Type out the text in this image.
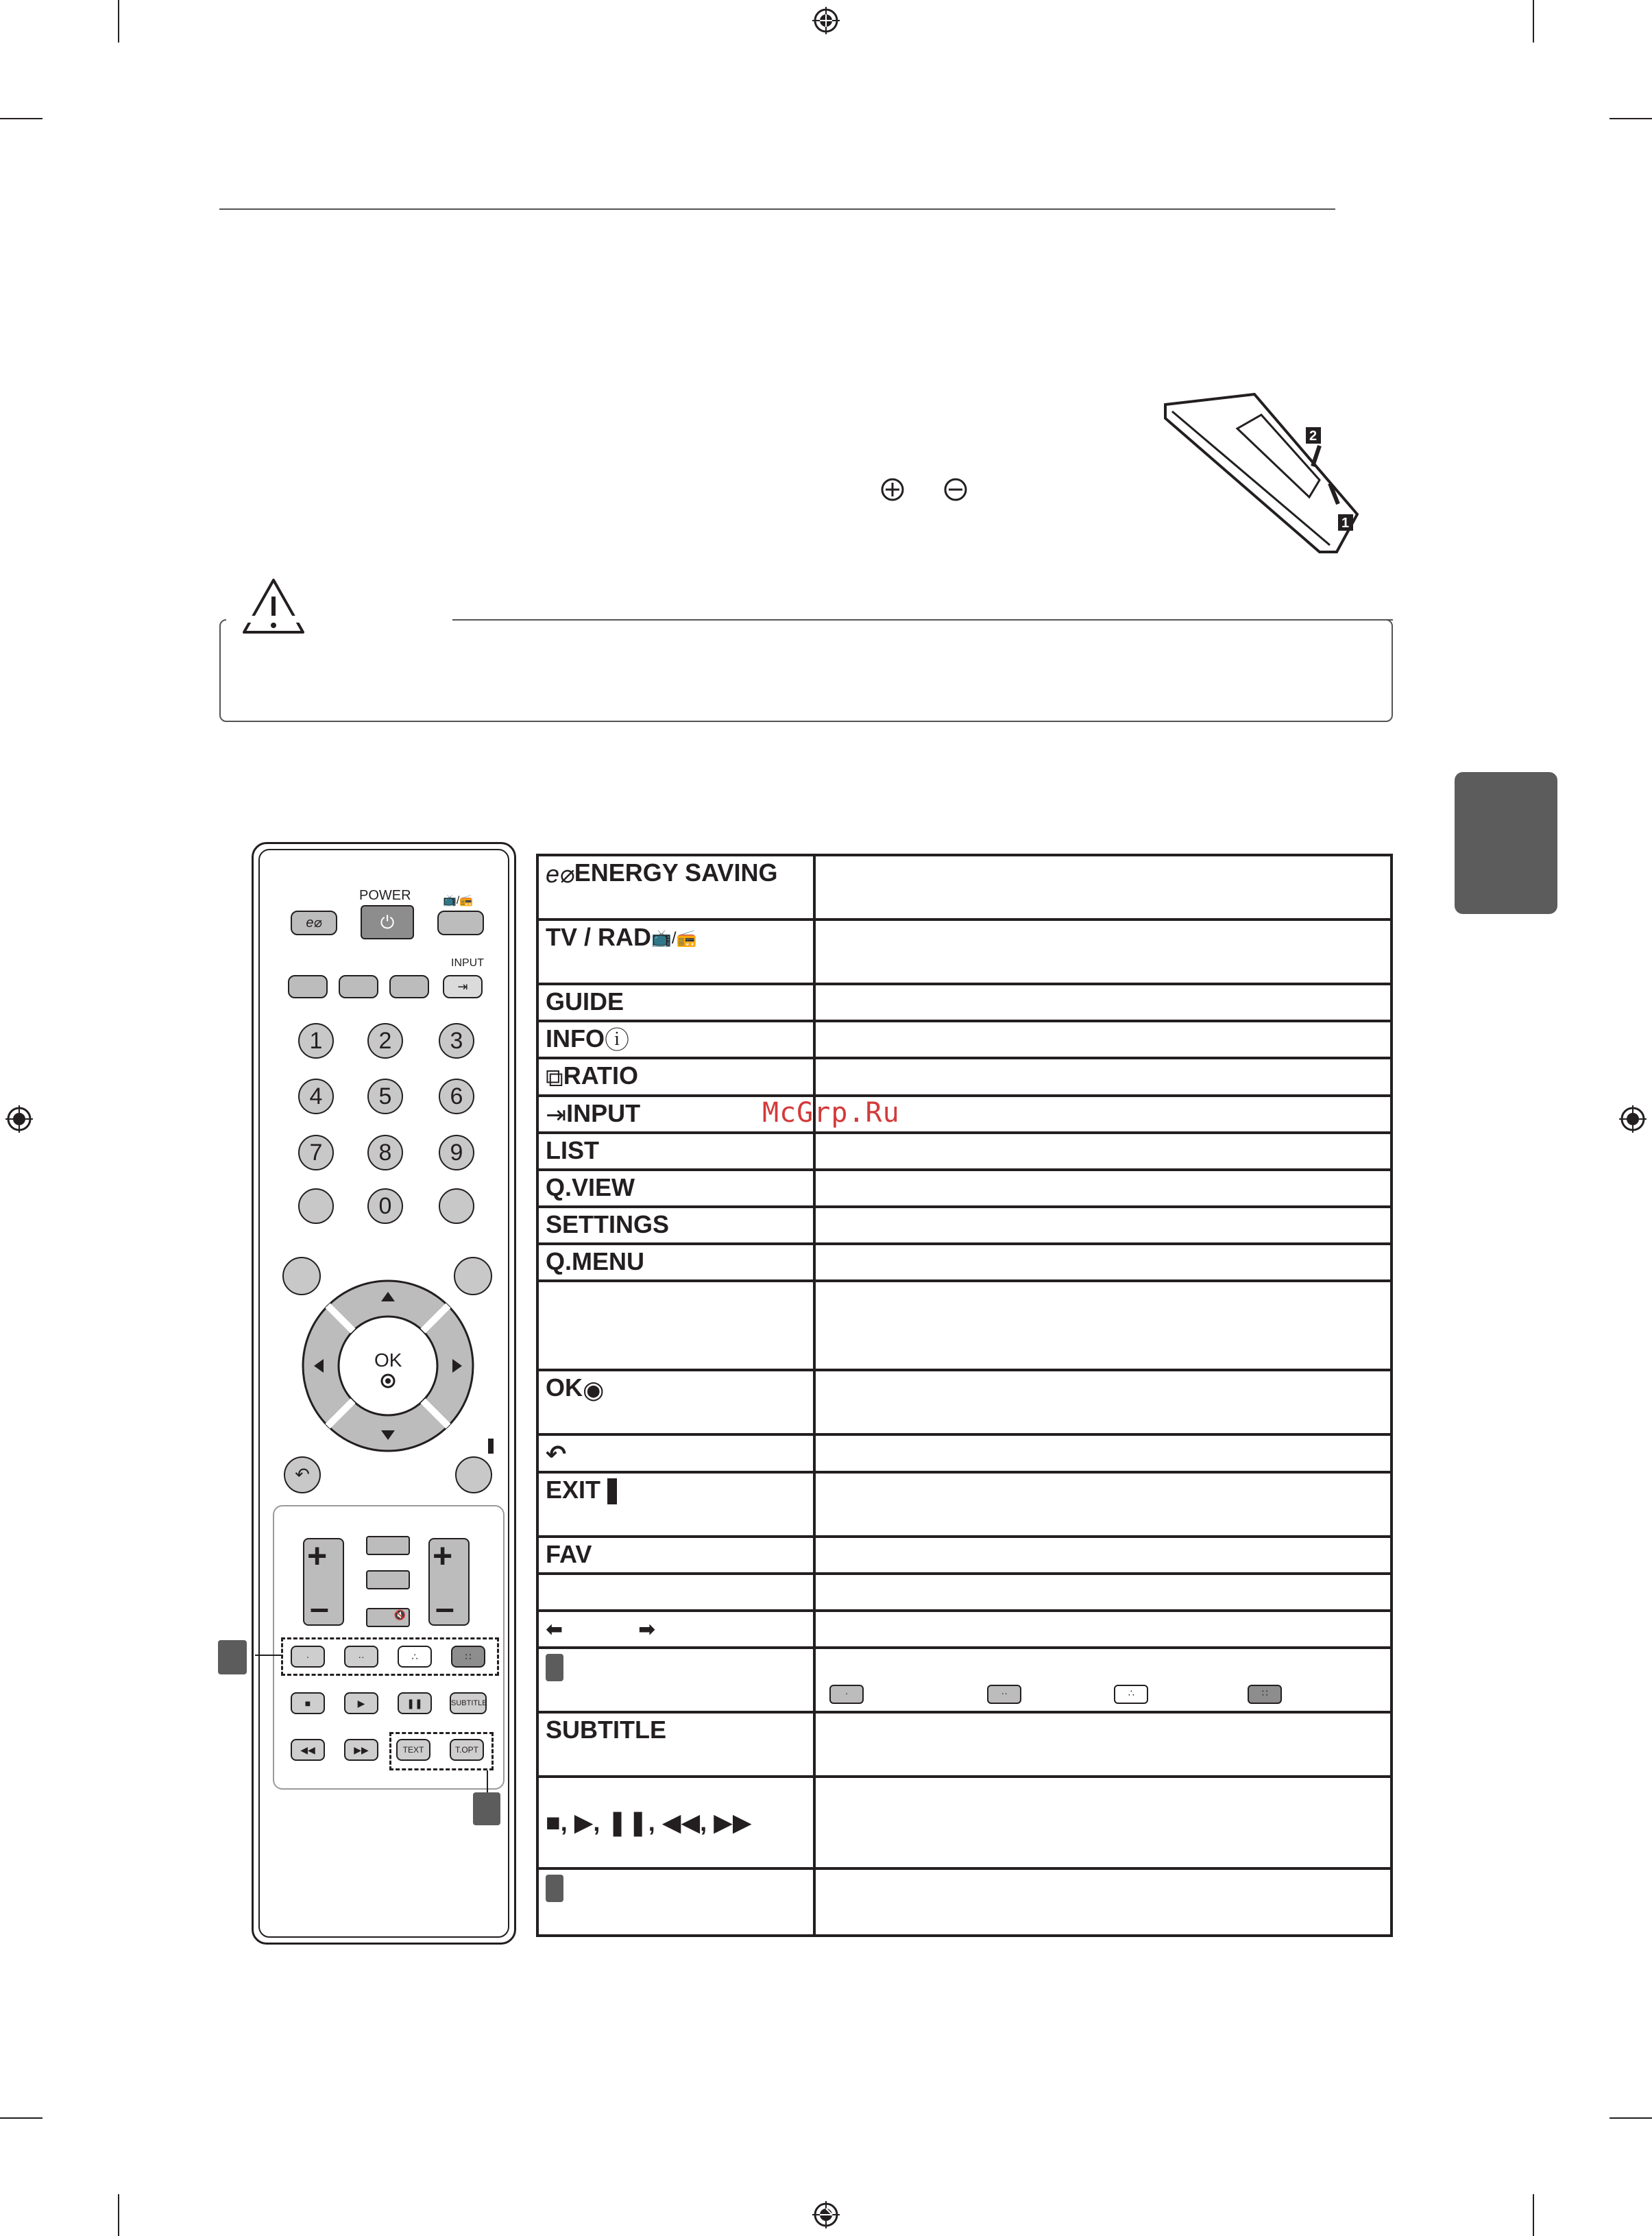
2
1
POWER
e⌀	⏻
📺/📻
INPUT
⇥
1	2	3
4	5	6
7	8	9
0
OK
↶
+
–	🔇
+
–
·	··	∴	∷
■	▶	❚❚	SUBTITLE
◀◀	▶▶	TEXT	T.OPT
McGrp.Ru
e⌀ENERGY SAVING	
TV / RAD📺/📻	
GUIDE	
INFOⓘ	
⧉RATIO	
⇥INPUT	
LIST	
Q.VIEW	
SETTINGS	
Q.MENU	

OK◉	
↶	
EXIT	
FAV	

⬅ ➡	

	· ·· ∴ ∷

SUBTITLE	
■, ▶, ❚❚, ◀◀, ▶▶	
